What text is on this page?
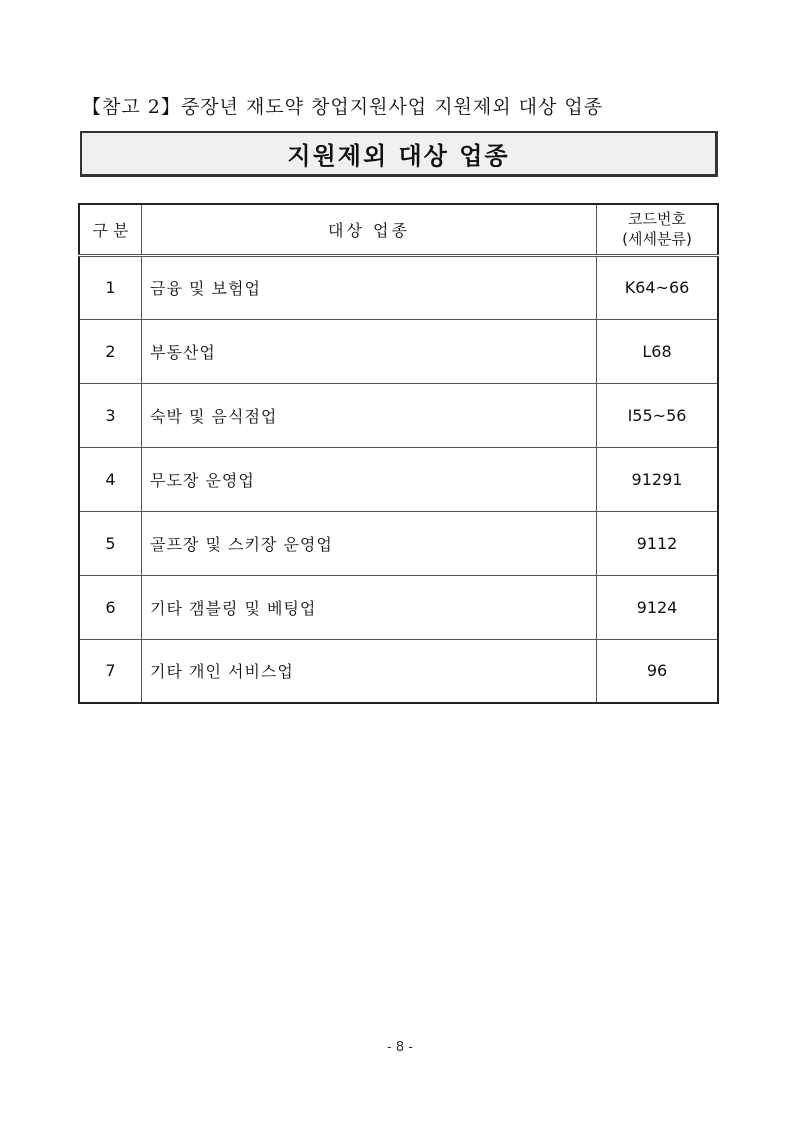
【참고 2】중장년 재도약 창업지원사업 지원제외 대상 업종
지원제외 대상 업종
구 분	대상 업종	코드번호
(세세분류)

1	금융 및 보험업	K64~66
2	부동산업	L68
3	숙박 및 음식점업	I55~56
4	무도장 운영업	91291
5	골프장 및 스키장 운영업	9112
6	기타 갬블링 및 베팅업	9124
7	기타 개인 서비스업	96
- 8 -
